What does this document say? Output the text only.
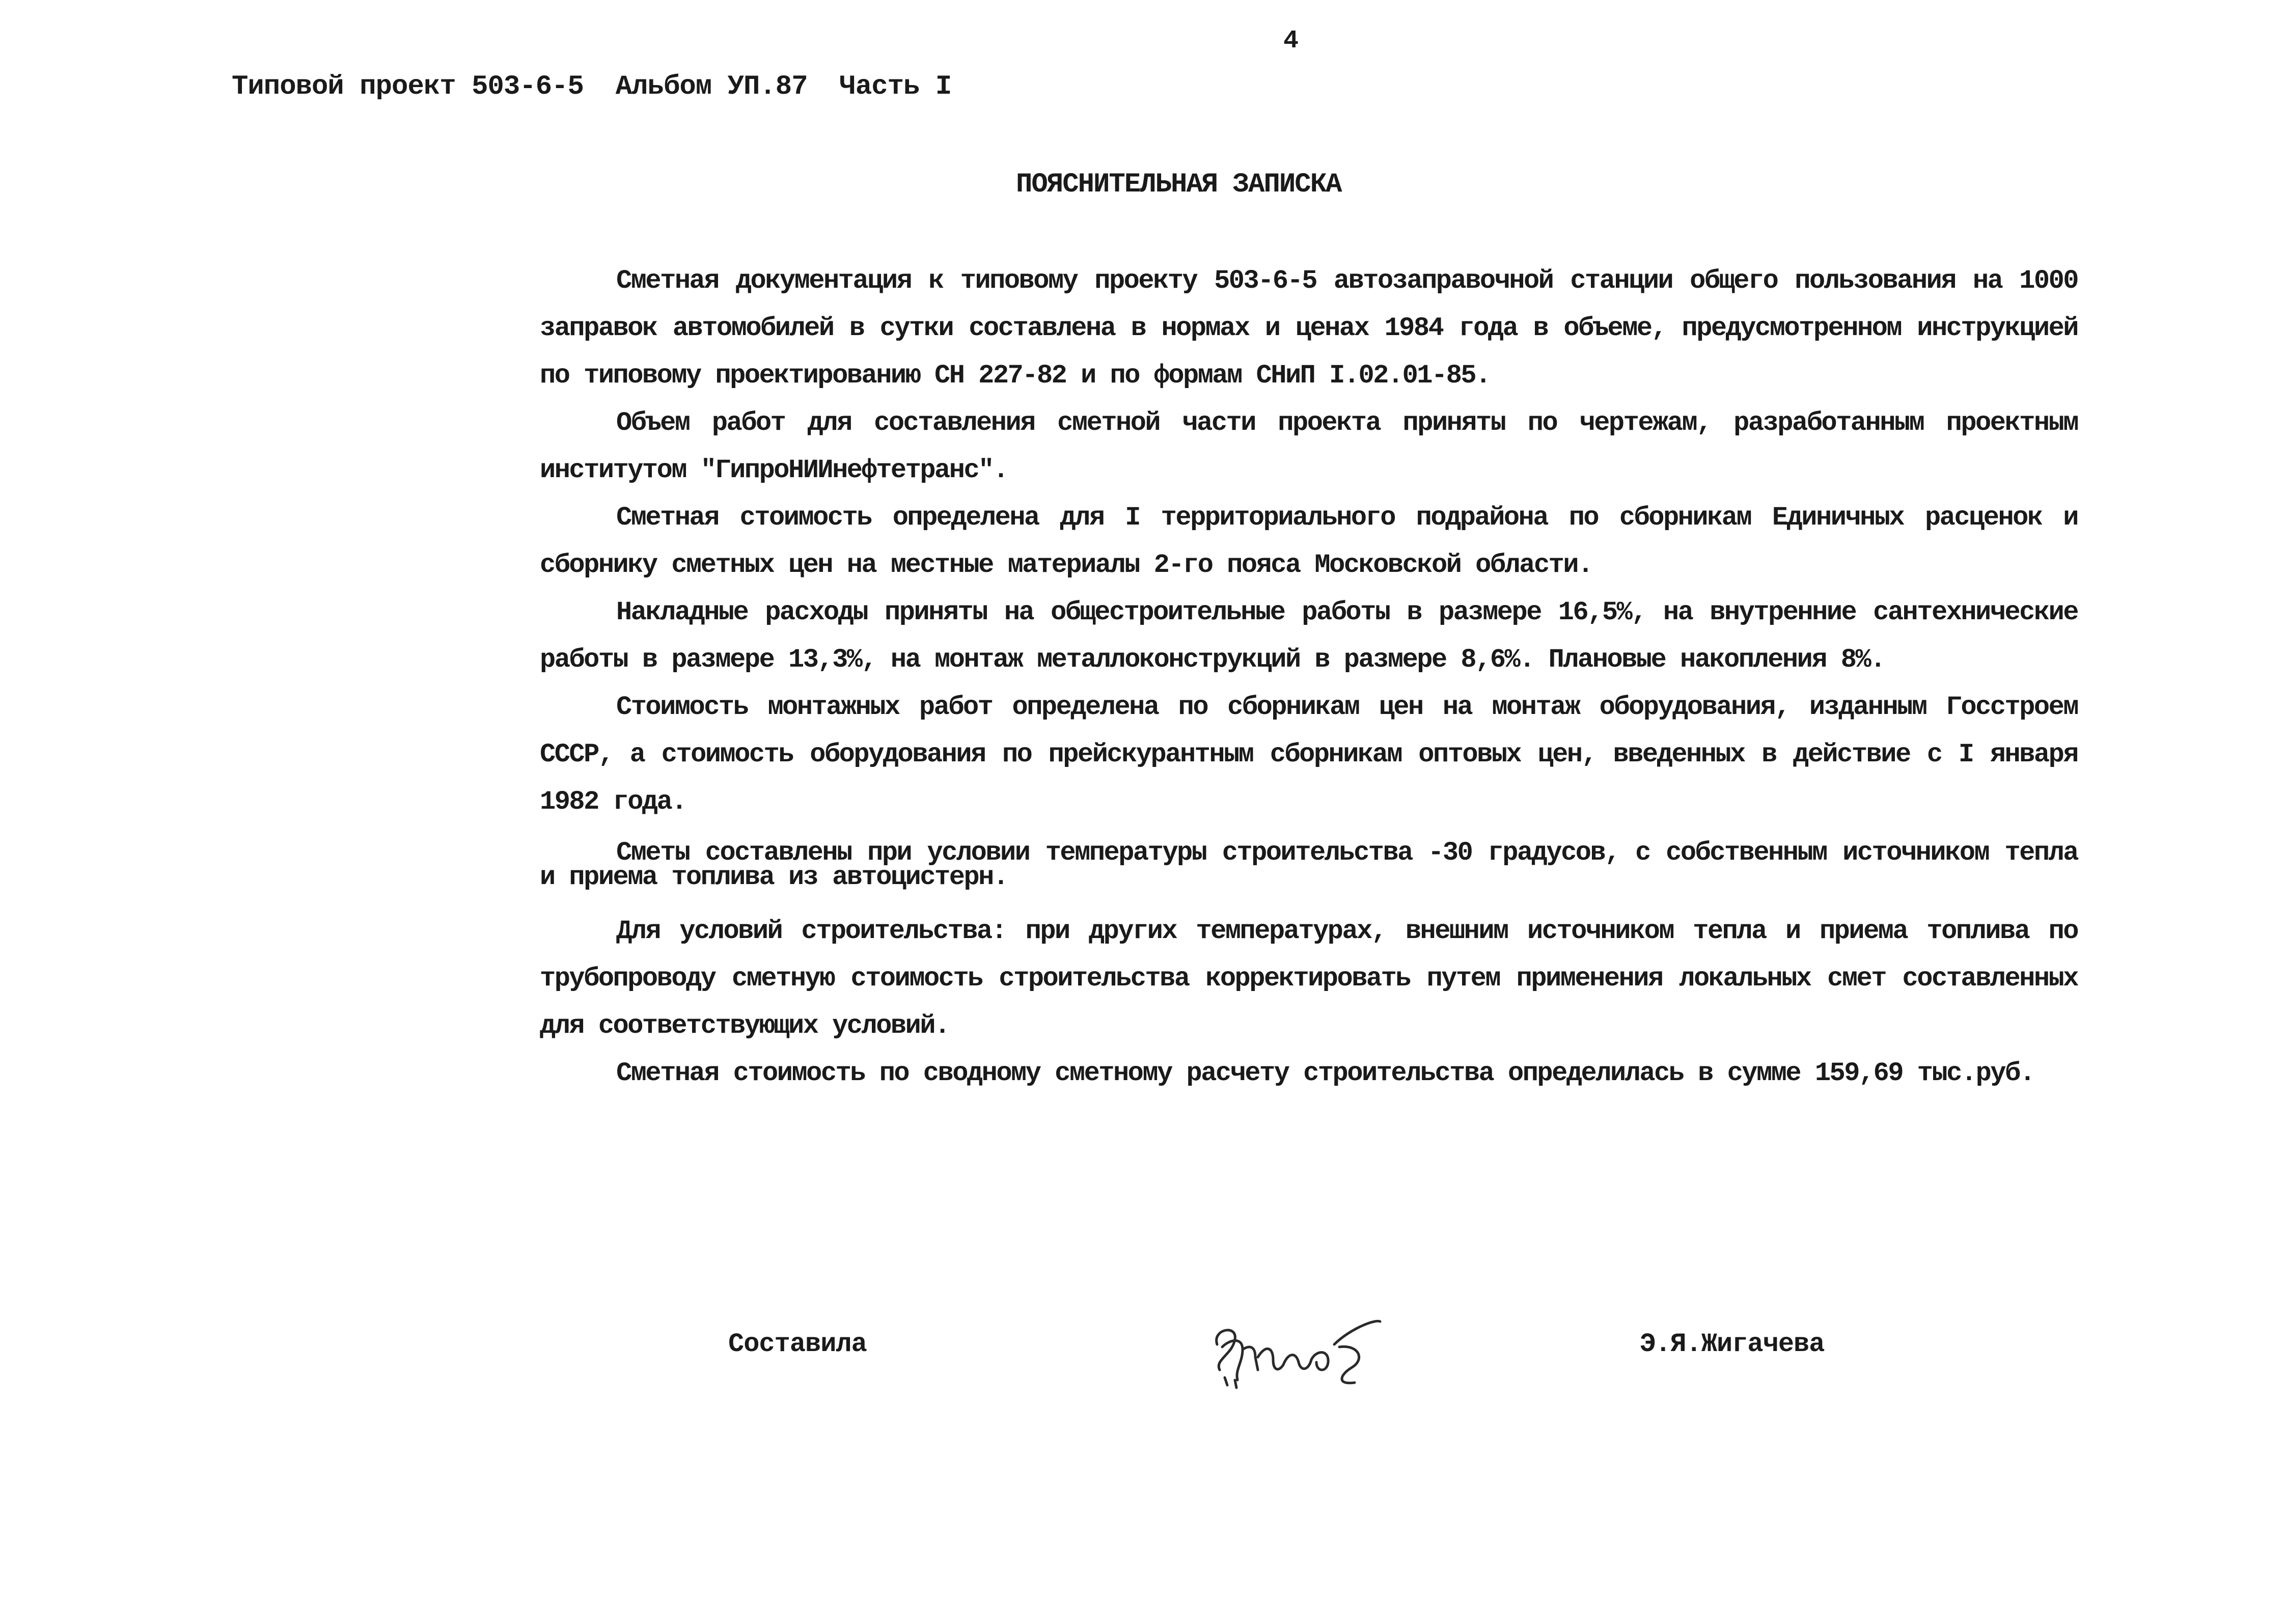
4
Типовой проект 503-6-5 Альбом УП.87 Часть I
ПОЯСНИТЕЛЬНАЯ ЗАПИСКА

Сметная документация к типовому проекту 503-6-5 автозаправочной станции общего пользования на 1000 заправок автомобилей в сутки составлена в нормах и ценах 1984 года в объеме, предусмотренном инструкцией по типовому проектированию СН 227-82 и по формам СНиП I.02.01-85.

Объем работ для составления сметной части проекта приняты по чертежам, разработанным проектным институтом "ГипроНИИнефтетранс".

Сметная стоимость определена для I территориального подрайона по сборникам Единичных расценок и сборнику сметных цен на местные материалы 2-го пояса Московской области.

Накладные расходы приняты на общестроительные работы в размере 16,5%, на внутренние сантехнические работы в размере 13,3%, на монтаж металлоконструкций в размере 8,6%. Плановые накопления 8%.

Стоимость монтажных работ определена по сборникам цен на монтаж оборудования, изданным Госстроем СССР, а стоимость оборудования по прейскурантным сборникам оптовых цен, введенных в действие с I января 1982 года.

Сметы составлены при условии температуры строительства -30 градусов, с собственным источником тепла и приема топлива из автоцистерн.

Для условий строительства: при других температурах, внешним источником тепла и приема топлива по трубопроводу сметную стоимость строительства корректировать путем применения локальных смет составленных для соответствующих условий.

Сметная стоимость по сводному сметному расчету строительства определилась в сумме 159,69 тыс.руб.

Составила	Э.Я.Жигачева
